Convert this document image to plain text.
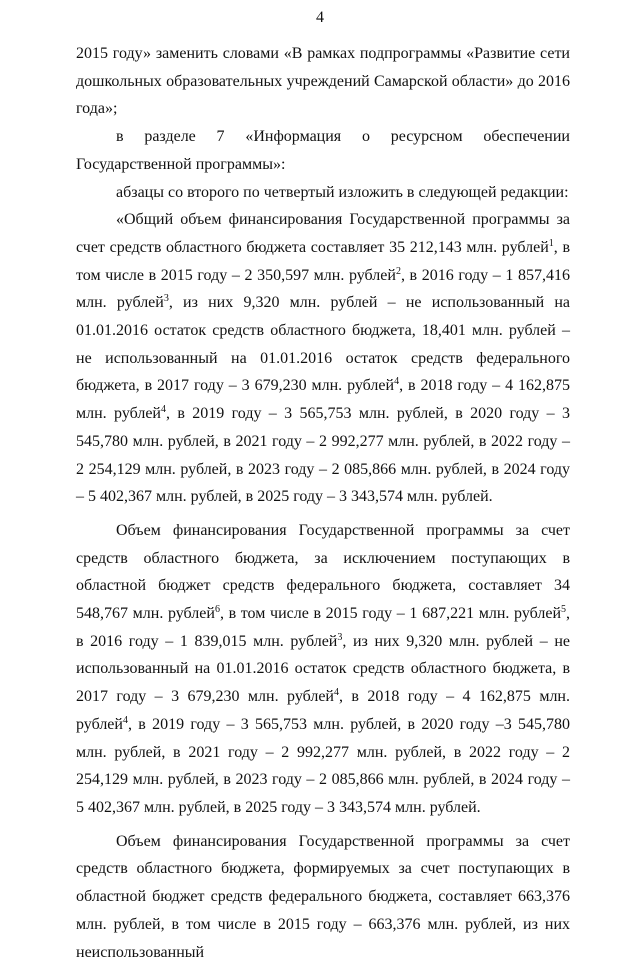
4

2015 году» заменить словами «В рамках подпрограммы «Развитие сети дошкольных образовательных учреждений Самарской области» до 2016 года»;

в разделе 7 «Информация о ресурсном обеспечении Государственной программы»:

абзацы со второго по четвертый изложить в следующей редакции:

«Общий объем финансирования Государственной программы за счет средств областного бюджета составляет 35 212,143 млн. рублей$^1$, в том числе в 2015 году – 2 350,597 млн. рублей$^2$, в 2016 году – 1 857,416 млн. рублей$^3$, из них 9,320 млн. рублей – не использованный на 01.01.2016 остаток средств областного бюджета, 18,401 млн. рублей – не использованный на 01.01.2016 остаток средств федерального бюджета, в 2017 году – 3 679,230 млн. рублей$^4$, в 2018 году – 4 162,875 млн. рублей$^4$, в 2019 году – 3 565,753 млн. рублей, в 2020 году – 3 545,780 млн. рублей, в 2021 году – 2 992,277 млн. рублей, в 2022 году – 2 254,129 млн. рублей, в 2023 году – 2 085,866 млн. рублей, в 2024 году – 5 402,367 млн. рублей, в 2025 году – 3 343,574 млн. рублей.

Объем финансирования Государственной программы за счет средств областного бюджета, за исключением поступающих в областной бюджет средств федерального бюджета, составляет 34 548,767 млн. рублей$^6$, в том числе в 2015 году – 1 687,221 млн. рублей$^5$, в 2016 году – 1 839,015 млн. рублей$^3$, из них 9,320 млн. рублей – не использованный на 01.01.2016 остаток средств областного бюджета, в 2017 году – 3 679,230 млн. рублей$^4$, в 2018 году – 4 162,875 млн. рублей$^4$, в 2019 году – 3 565,753 млн. рублей, в 2020 году –3 545,780 млн. рублей, в 2021 году – 2 992,277 млн. рублей, в 2022 году – 2 254,129 млн. рублей, в 2023 году – 2 085,866 млн. рублей, в 2024 году – 5 402,367 млн. рублей, в 2025 году – 3 343,574 млн. рублей.

Объем финансирования Государственной программы за счет средств областного бюджета, формируемых за счет поступающих в областной бюджет средств федерального бюджета, составляет 663,376 млн. рублей, в том числе в 2015 году – 663,376 млн. рублей, из них неиспользованный
